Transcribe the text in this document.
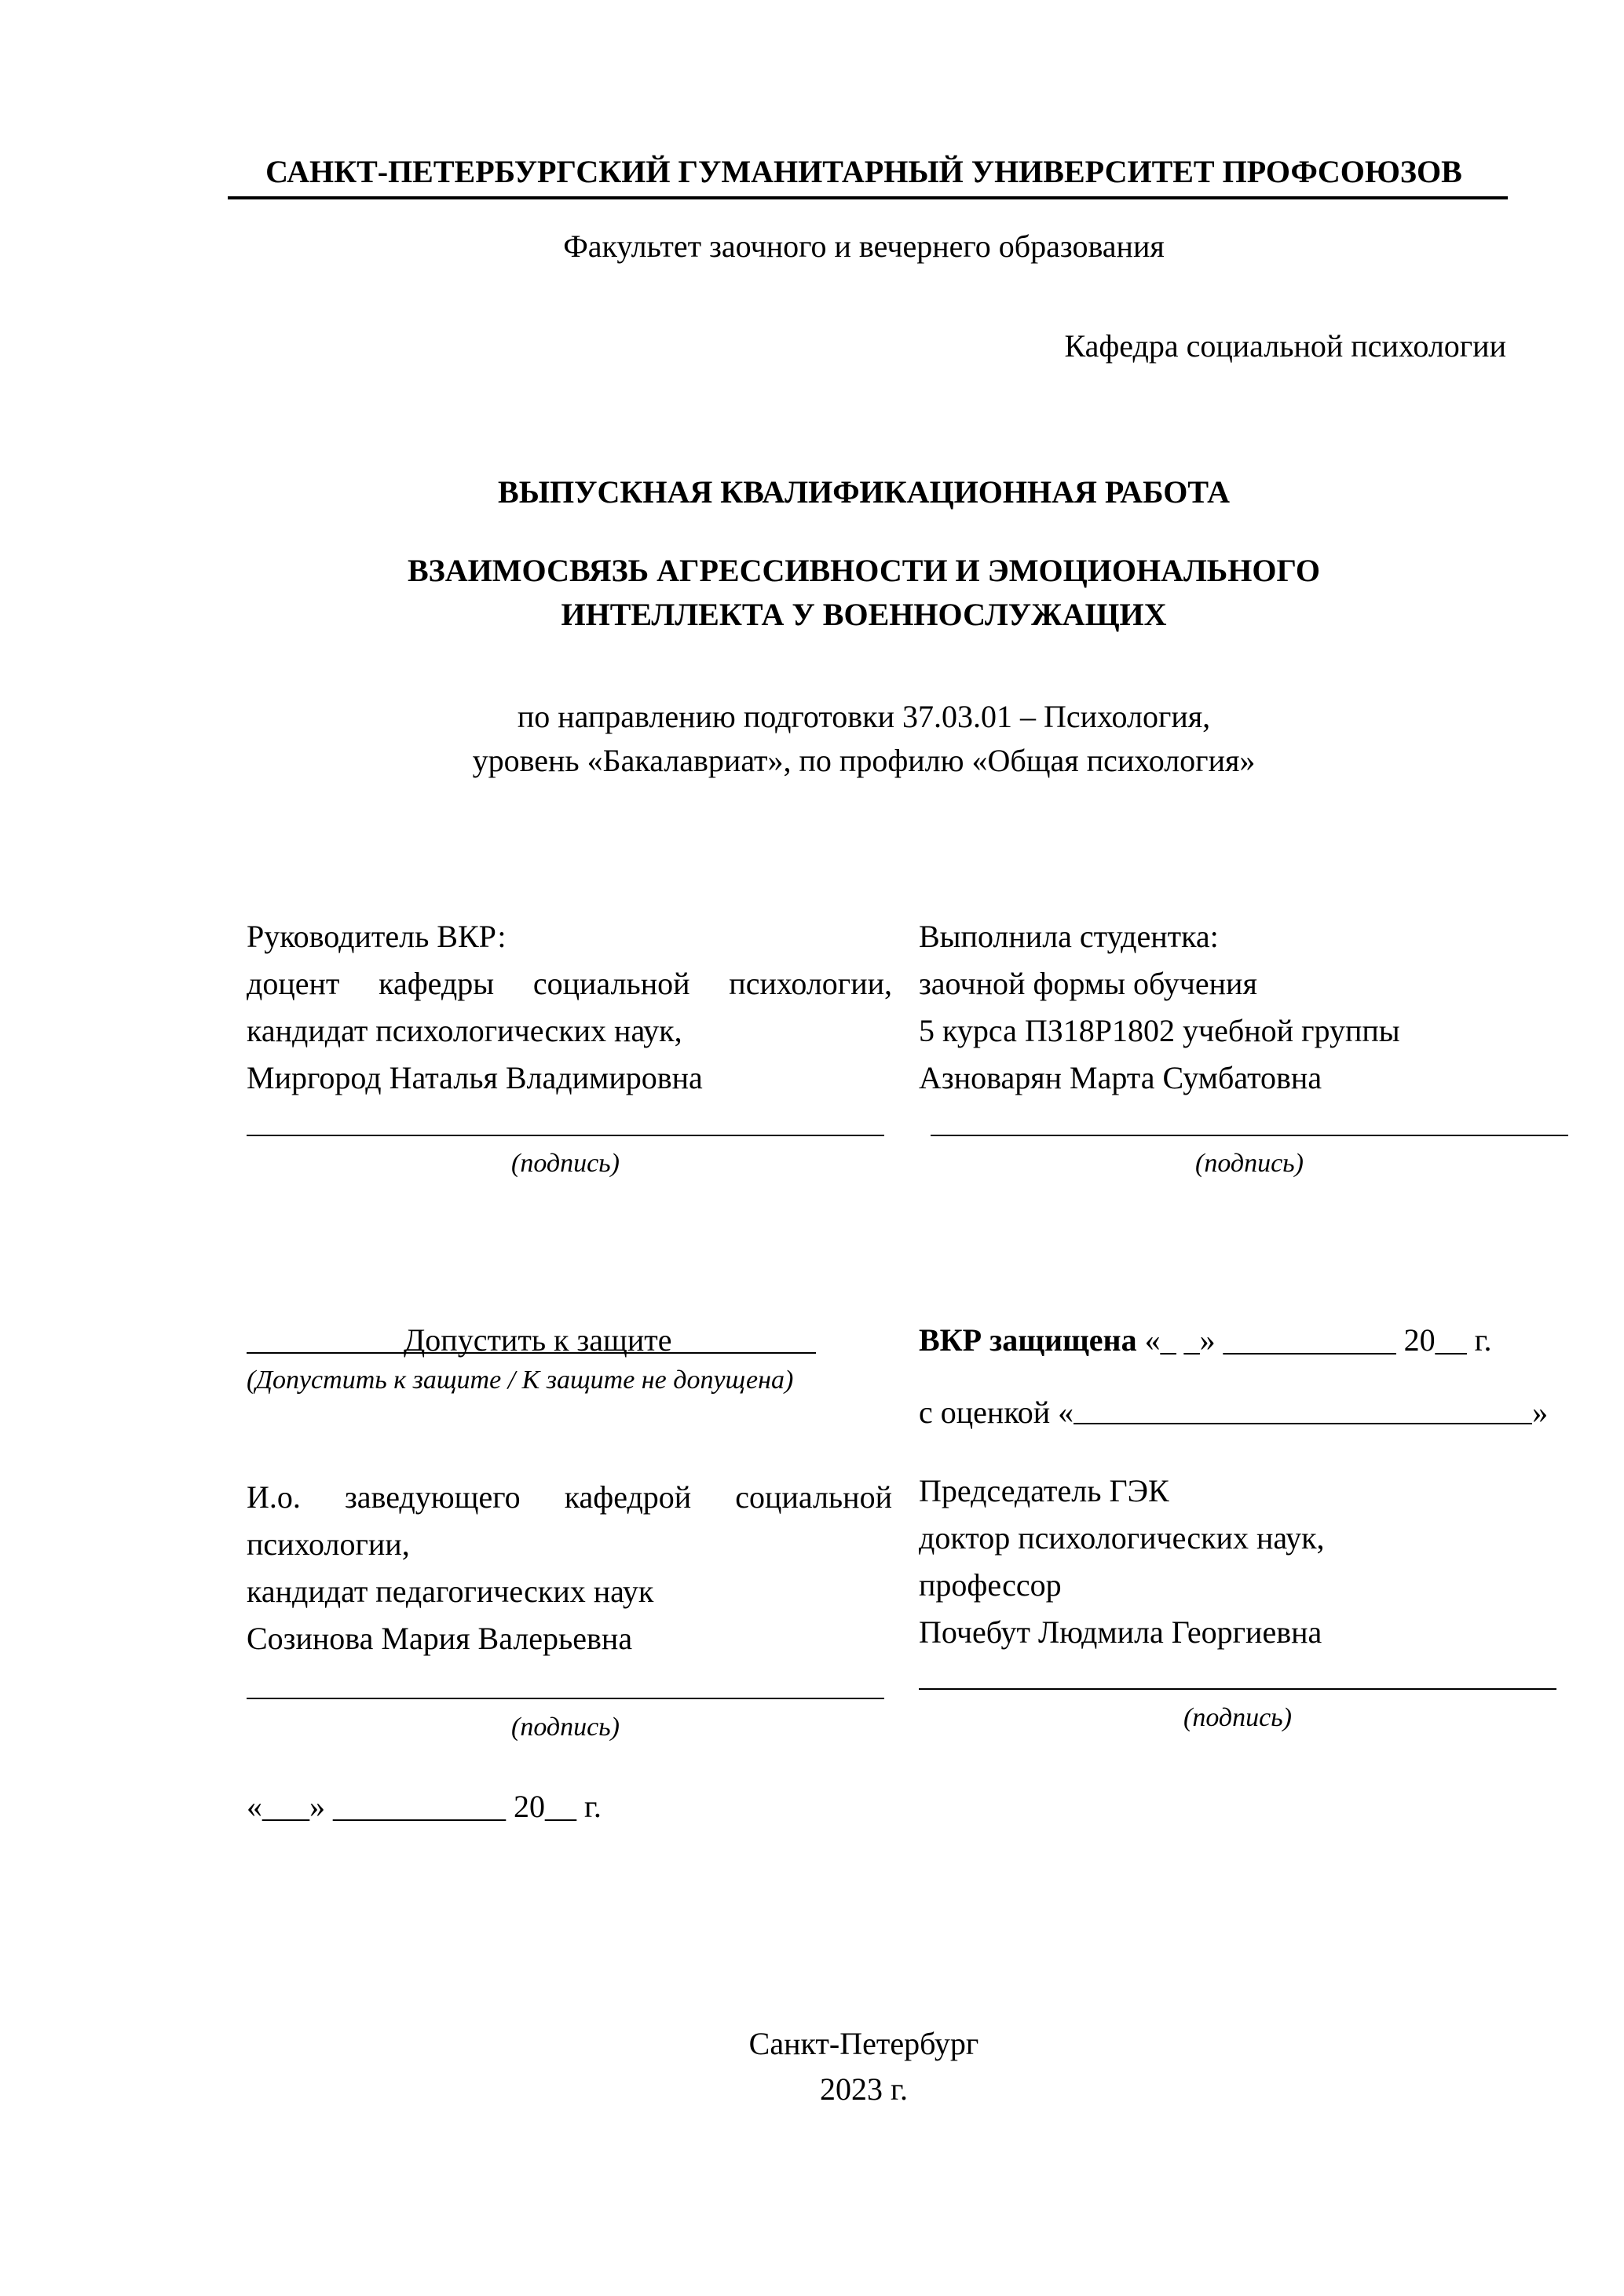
САНКТ-ПЕТЕРБУРГСКИЙ ГУМАНИТАРНЫЙ УНИВЕРСИТЕТ ПРОФСОЮЗОВ
Факультет заочного и вечернего образования
Кафедра социальной психологии
ВЫПУСКНАЯ КВАЛИФИКАЦИОННАЯ РАБОТА
ВЗАИМОСВЯЗЬ АГРЕССИВНОСТИ И ЭМОЦИОНАЛЬНОГО
ИНТЕЛЛЕКТА У ВОЕННОСЛУЖАЩИХ
по направлению подготовки 37.03.01 – Психология,
уровень «Бакалавриат», по профилю «Общая психология»
Руководитель ВКР:
доцент кафедры социальной психологии,
кандидат психологических наук,
Миргород Наталья Владимировна
(подпись)
Выполнила студентка:
заочной формы обучения
5 курса ПЗ18Р1802 учебной группы
Азноварян Марта Сумбатовна
(подпись)
Допустить к защите
(Допустить к защите / К защите не допущена)
ВКР защищена «_ _» ___________ 20__ г.
с оценкой «	»
И.о. заведующего кафедрой социальной
психологии,
кандидат педагогических наук
Созинова Мария Валерьевна
(подпись)
«___» ___________ 20__ г.
Председатель ГЭК
доктор психологических наук,
профессор
Почебут Людмила Георгиевна
(подпись)
Санкт-Петербург
2023 г.
